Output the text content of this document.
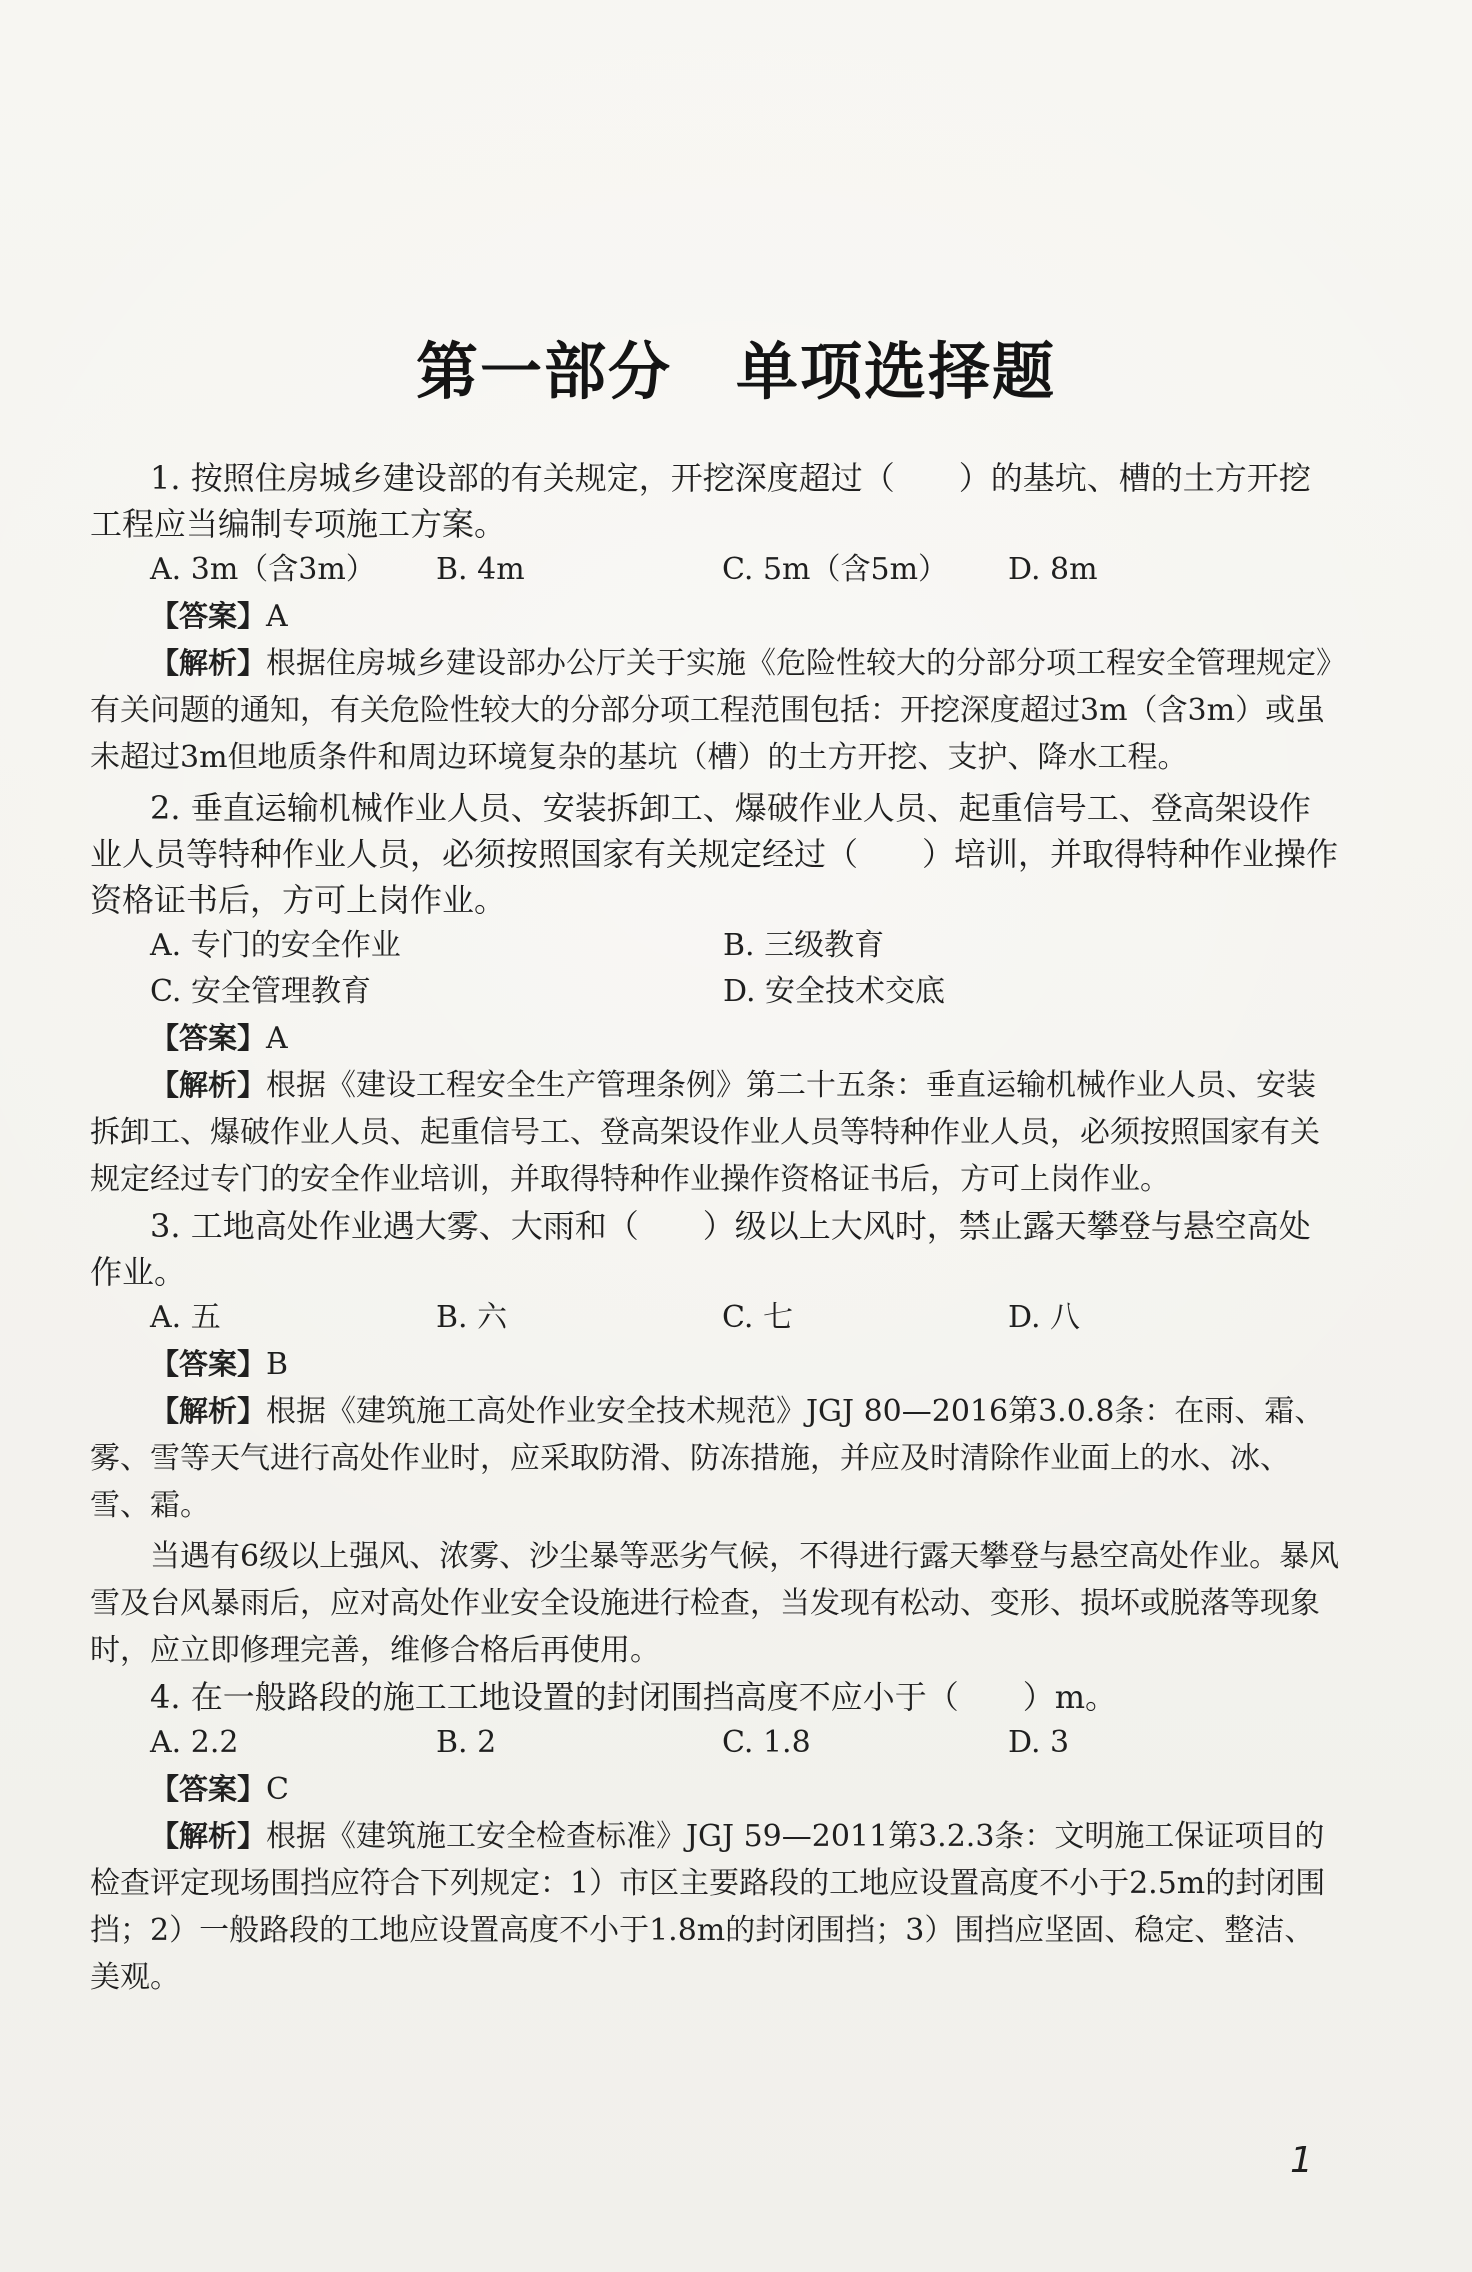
第一部分　单项选择题

1. 按照住房城乡建设部的有关规定，开挖深度超过（　　）的基坑、槽的土方开挖工程应当编制专项施工方案。

A. 3m（含3m）	B. 4m	C. 5m（含5m）	D. 8m

【答案】A

【解析】根据住房城乡建设部办公厅关于实施《危险性较大的分部分项工程安全管理规定》有关问题的通知，有关危险性较大的分部分项工程范围包括：开挖深度超过3m（含3m）或虽未超过3m但地质条件和周边环境复杂的基坑（槽）的土方开挖、支护、降水工程。

2. 垂直运输机械作业人员、安装拆卸工、爆破作业人员、起重信号工、登高架设作业人员等特种作业人员，必须按照国家有关规定经过（　　）培训，并取得特种作业操作资格证书后，方可上岗作业。

A. 专门的安全作业	B. 三级教育
C. 安全管理教育	D. 安全技术交底

【答案】A

【解析】根据《建设工程安全生产管理条例》第二十五条：垂直运输机械作业人员、安装拆卸工、爆破作业人员、起重信号工、登高架设作业人员等特种作业人员，必须按照国家有关规定经过专门的安全作业培训，并取得特种作业操作资格证书后，方可上岗作业。

3. 工地高处作业遇大雾、大雨和（　　）级以上大风时，禁止露天攀登与悬空高处作业。

A. 五	B. 六	C. 七	D. 八

【答案】B

【解析】根据《建筑施工高处作业安全技术规范》JGJ 80—2016第3.0.8条：在雨、霜、雾、雪等天气进行高处作业时，应采取防滑、防冻措施，并应及时清除作业面上的水、冰、雪、霜。

当遇有6级以上强风、浓雾、沙尘暴等恶劣气候，不得进行露天攀登与悬空高处作业。暴风雪及台风暴雨后，应对高处作业安全设施进行检查，当发现有松动、变形、损坏或脱落等现象时，应立即修理完善，维修合格后再使用。

4. 在一般路段的施工工地设置的封闭围挡高度不应小于（　　）m。

A. 2.2	B. 2	C. 1.8	D. 3

【答案】C

【解析】根据《建筑施工安全检查标准》JGJ 59—2011第3.2.3条：文明施工保证项目的检查评定现场围挡应符合下列规定：1）市区主要路段的工地应设置高度不小于2.5m的封闭围挡；2）一般路段的工地应设置高度不小于1.8m的封闭围挡；3）围挡应坚固、稳定、整洁、美观。

1
